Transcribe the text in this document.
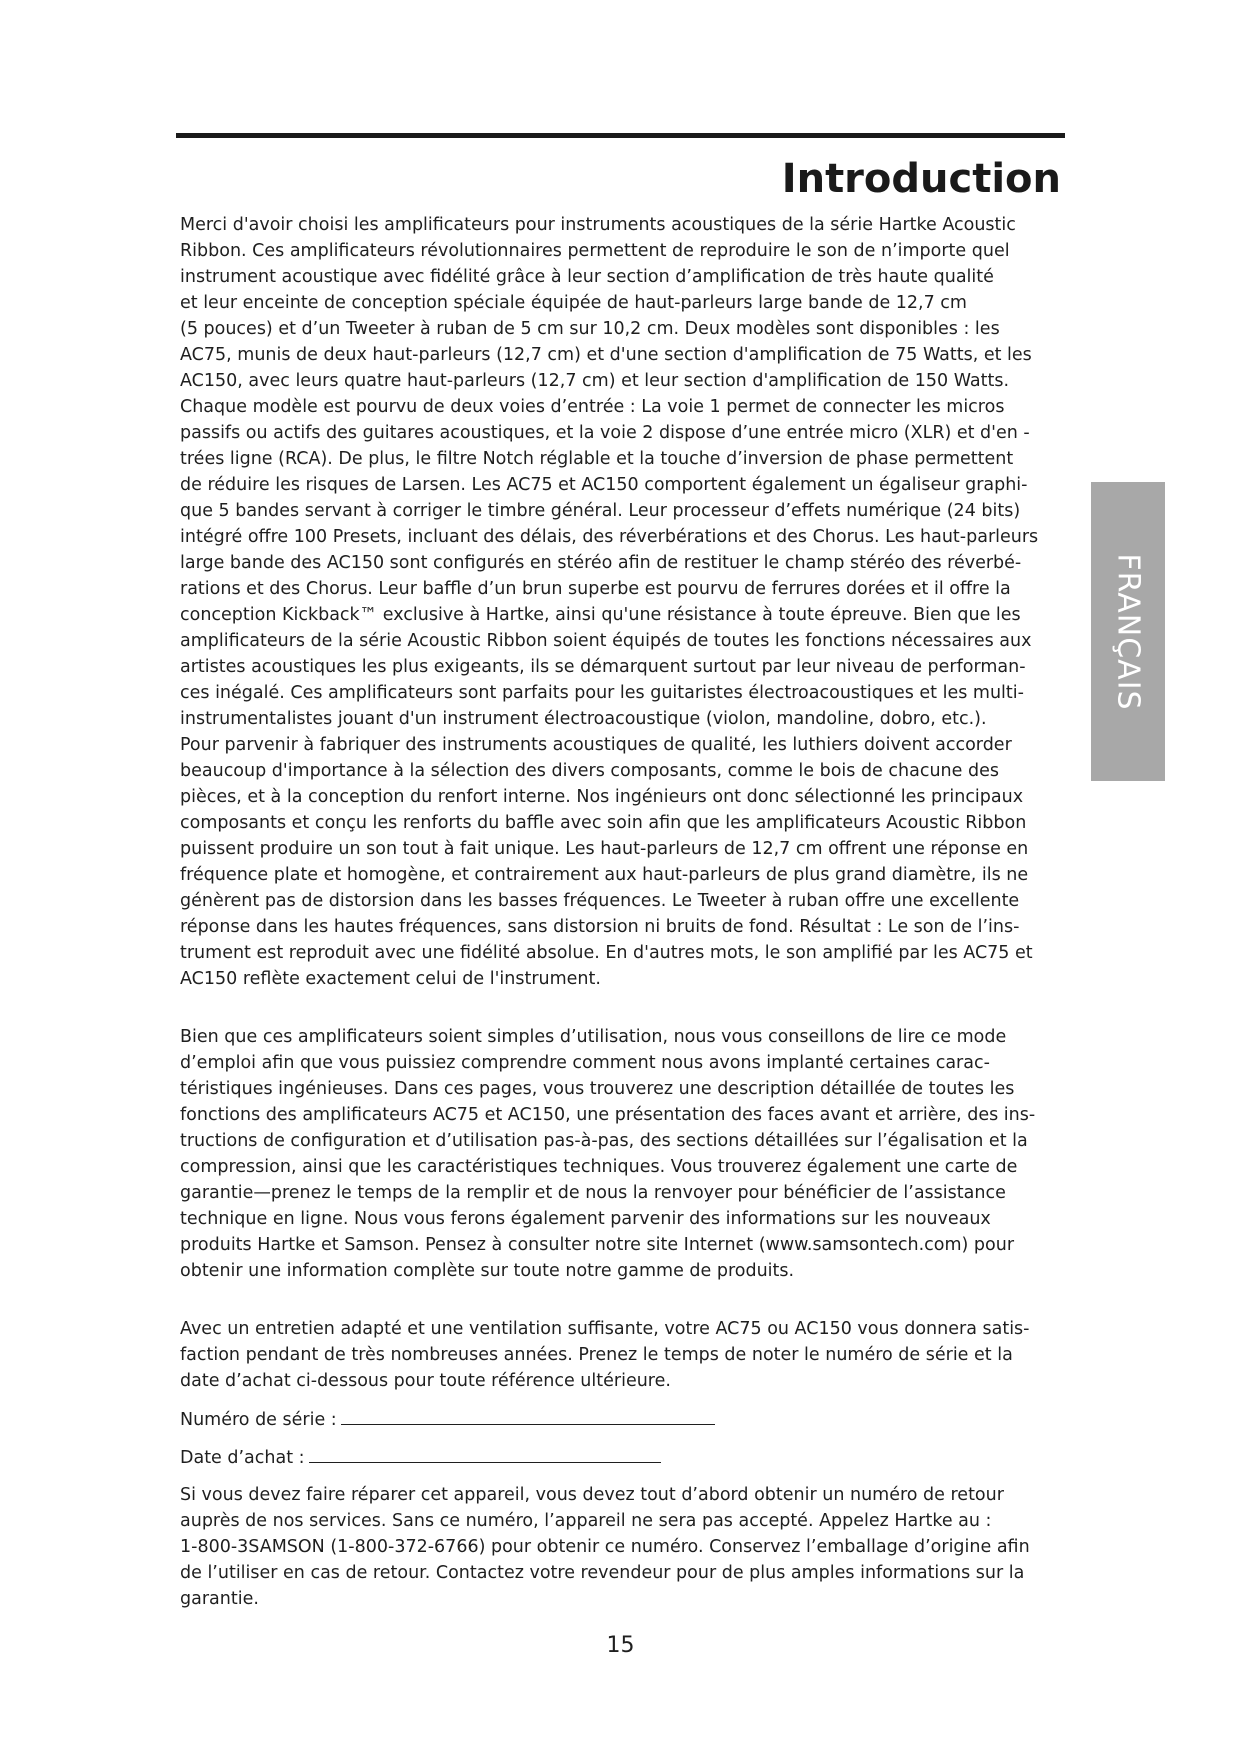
Introduction
Merci d'avoir choisi les amplificateurs pour instruments acoustiques de la série Hartke Acoustic
Ribbon. Ces amplificateurs révolutionnaires permettent de reproduire le son de n’importe quel
instrument acoustique avec fidélité grâce à leur section d’amplification de très haute qualité
et leur enceinte de conception spéciale équipée de haut-parleurs large bande de 12,7 cm
(5 pouces) et d’un Tweeter à ruban de 5 cm sur 10,2 cm. Deux modèles sont disponibles : les
AC75, munis de deux haut-parleurs (12,7 cm) et d'une section d'amplification de 75 Watts, et les
AC150, avec leurs quatre haut-parleurs (12,7 cm) et leur section d'amplification de 150 Watts.
Chaque modèle est pourvu de deux voies d’entrée : La voie 1 permet de connecter les micros
passifs ou actifs des guitares acoustiques, et la voie 2 dispose d’une entrée micro (XLR) et d'en -
trées ligne (RCA). De plus, le filtre Notch réglable et la touche d’inversion de phase permettent
de réduire les risques de Larsen. Les AC75 et AC150 comportent également un égaliseur graphi-
que 5 bandes servant à corriger le timbre général. Leur processeur d’effets numérique (24 bits)
intégré offre 100 Presets, incluant des délais, des réverbérations et des Chorus. Les haut-parleurs
large bande des AC150 sont configurés en stéréo afin de restituer le champ stéréo des réverbé-
rations et des Chorus. Leur baffle d’un brun superbe est pourvu de ferrures dorées et il offre la
conception Kickback™ exclusive à Hartke, ainsi qu'une résistance à toute épreuve. Bien que les
amplificateurs de la série Acoustic Ribbon soient équipés de toutes les fonctions nécessaires aux
artistes acoustiques les plus exigeants, ils se démarquent surtout par leur niveau de performan-
ces inégalé. Ces amplificateurs sont parfaits pour les guitaristes électroacoustiques et les multi-
instrumentalistes jouant d'un instrument électroacoustique (violon, mandoline, dobro, etc.).
Pour parvenir à fabriquer des instruments acoustiques de qualité, les luthiers doivent accorder
beaucoup d'importance à la sélection des divers composants, comme le bois de chacune des
pièces, et à la conception du renfort interne. Nos ingénieurs ont donc sélectionné les principaux
composants et conçu les renforts du baffle avec soin afin que les amplificateurs Acoustic Ribbon
puissent produire un son tout à fait unique. Les haut-parleurs de 12,7 cm offrent une réponse en
fréquence plate et homogène, et contrairement aux haut-parleurs de plus grand diamètre, ils ne
génèrent pas de distorsion dans les basses fréquences. Le Tweeter à ruban offre une excellente
réponse dans les hautes fréquences, sans distorsion ni bruits de fond. Résultat : Le son de l’ins-
trument est reproduit avec une fidélité absolue. En d'autres mots, le son amplifié par les AC75 et
AC150 reflète exactement celui de l'instrument.
Bien que ces amplificateurs soient simples d’utilisation, nous vous conseillons de lire ce mode
d’emploi afin que vous puissiez comprendre comment nous avons implanté certaines carac-
téristiques ingénieuses. Dans ces pages, vous trouverez une description détaillée de toutes les
fonctions des amplificateurs AC75 et AC150, une présentation des faces avant et arrière, des ins-
tructions de configuration et d’utilisation pas-à-pas, des sections détaillées sur l’égalisation et la
compression, ainsi que les caractéristiques techniques. Vous trouverez également une carte de
garantie—prenez le temps de la remplir et de nous la renvoyer pour bénéficier de l’assistance
technique en ligne. Nous vous ferons également parvenir des informations sur les nouveaux
produits Hartke et Samson. Pensez à consulter notre site Internet (www.samsontech.com) pour
obtenir une information complète sur toute notre gamme de produits.
Avec un entretien adapté et une ventilation suffisante, votre AC75 ou AC150 vous donnera satis-
faction pendant de très nombreuses années. Prenez le temps de noter le numéro de série et la
date d’achat ci-dessous pour toute référence ultérieure.
Numéro de série :
Date d’achat :
Si vous devez faire réparer cet appareil, vous devez tout d’abord obtenir un numéro de retour
auprès de nos services. Sans ce numéro, l’appareil ne sera pas accepté. Appelez Hartke au :
1-800-3SAMSON (1-800-372-6766) pour obtenir ce numéro. Conservez l’emballage d’origine afin
de l’utiliser en cas de retour. Contactez votre revendeur pour de plus amples informations sur la
garantie.
FRANÇAIS
15
